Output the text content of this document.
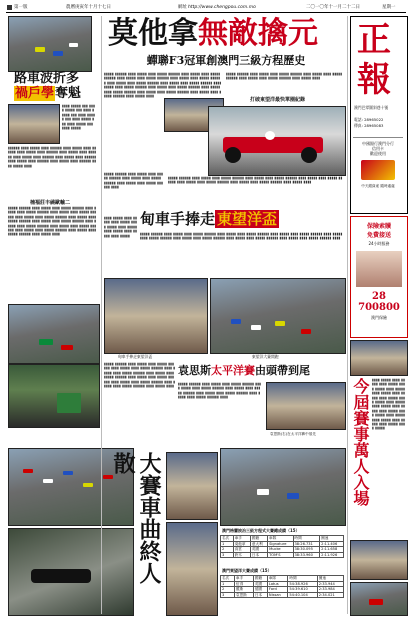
第一版	農曆庚寅年十月十七日	網址 http://www.chengpou.com.mo	二〇一〇年十一月二十二日	星期一
路車波折多
禍戶學奪魁
▮▮▮▮ ▮▮▮▮▮ ▮▮▮ ▮▮▮▮ ▮▮▮▮▮ ▮▮▮ ▮▮▮▮ ▮▮▮▮▮ ▮▮▮ ▮▮▮▮ ▮▮▮▮▮ ▮▮▮ ▮▮▮▮ ▮▮▮▮▮ ▮▮▮ ▮▮▮▮ ▮▮▮▮▮ ▮▮▮ ▮▮▮▮ ▮▮▮▮▮
▮▮▮▮▮▮ ▮▮▮▮ ▮▮▮▮▮ ▮▮▮▮ ▮▮▮▮▮▮ ▮▮▮▮ ▮▮▮▮▮ ▮▮▮▮ ▮▮▮▮▮▮ ▮▮▮▮ ▮▮▮▮▮ ▮▮▮▮ ▮▮▮▮▮▮ ▮▮▮▮ ▮▮▮▮▮ ▮▮▮▮ ▮▮▮▮▮▮ ▮▮▮▮ ▮▮▮▮▮ ▮▮▮▮ ▮▮▮▮▮▮ ▮▮▮▮ ▮▮▮▮▮ ▮▮▮▮ ▮▮▮▮▮▮ ▮▮▮▮ ▮▮▮▮▮ ▮▮▮▮ ▮▮▮▮▮▮ ▮▮▮▮ ▮▮▮▮▮ ▮▮▮▮ ▮▮▮▮▮▮ ▮▮▮▮ ▮▮▮▮▮ ▮▮▮▮
楠褔莊丰繞歐輸二
▮▮▮▮▮ ▮▮▮▮▮▮ ▮▮▮▮ ▮▮▮▮▮ ▮▮▮▮ ▮▮▮▮▮ ▮▮▮▮▮▮ ▮▮▮▮ ▮▮▮▮▮ ▮▮▮▮ ▮▮▮▮▮ ▮▮▮▮▮▮ ▮▮▮▮ ▮▮▮▮▮ ▮▮▮▮ ▮▮▮▮▮ ▮▮▮▮▮▮ ▮▮▮▮ ▮▮▮▮▮ ▮▮▮▮ ▮▮▮▮▮ ▮▮▮▮▮▮ ▮▮▮▮ ▮▮▮▮▮ ▮▮▮▮ ▮▮▮▮▮ ▮▮▮▮▮▮ ▮▮▮▮ ▮▮▮▮▮ ▮▮▮▮ ▮▮▮▮▮ ▮▮▮▮▮▮ ▮▮▮▮ ▮▮▮▮▮ ▮▮▮▮ ▮▮▮▮▮ ▮▮▮▮▮▮ ▮▮▮▮ ▮▮▮▮▮ ▮▮▮▮ ▮▮▮▮▮ ▮▮▮▮▮▮ ▮▮▮▮ ▮▮▮▮▮ ▮▮▮▮ ▮▮▮▮▮ ▮▮▮▮▮▮ ▮▮▮▮ ▮▮▮▮▮ ▮▮▮▮ ▮▮▮▮▮ ▮▮▮▮▮▮ ▮▮▮▮ ▮▮▮▮▮ ▮▮▮▮
莫他拿無敵擒元
蟬聯F3冠軍創澳門三級方程歷史
▮▮▮▮▮ ▮▮▮▮▮▮ ▮▮▮▮ ▮▮▮▮▮ ▮▮▮▮ ▮▮▮▮▮ ▮▮▮▮▮▮ ▮▮▮▮ ▮▮▮▮▮ ▮▮▮▮ ▮▮▮▮▮ ▮▮▮▮▮▮ ▮▮▮▮ ▮▮▮▮▮ ▮▮▮▮ ▮▮▮▮▮ ▮▮▮▮▮▮ ▮▮▮▮ ▮▮▮▮▮ ▮▮▮▮ ▮▮▮▮▮ ▮▮▮▮▮▮ ▮▮▮▮ ▮▮▮▮▮ ▮▮▮▮ ▮▮▮▮▮ ▮▮▮▮▮▮ ▮▮▮▮ ▮▮▮▮▮ ▮▮▮▮ ▮▮▮▮▮ ▮▮▮▮▮▮ ▮▮▮▮ ▮▮▮▮▮ ▮▮▮▮ ▮▮▮▮▮ ▮▮▮▮▮▮ ▮▮▮▮ ▮▮▮▮▮ ▮▮▮▮ ▮▮▮▮▮ ▮▮▮▮▮▮ ▮▮▮▮ ▮▮▮▮▮ ▮▮▮▮ ▮▮▮▮▮ ▮▮▮▮▮▮ ▮▮▮▮ ▮▮▮▮▮ ▮▮▮▮ ▮▮▮▮▮ ▮▮▮▮▮▮ ▮▮▮▮ ▮▮▮▮▮ ▮▮▮▮ ▮▮▮▮▮ ▮▮▮▮▮▮ ▮▮▮▮ ▮▮▮▮▮ ▮▮▮▮
▮▮▮▮▮ ▮▮▮▮▮▮ ▮▮▮▮ ▮▮▮▮▮ ▮▮▮▮ ▮▮▮▮▮ ▮▮▮▮▮▮ ▮▮▮▮ ▮▮▮▮▮ ▮▮▮▮ ▮▮▮▮▮ ▮▮▮▮▮▮ ▮▮▮▮ ▮▮▮▮▮ ▮▮▮▮ ▮▮▮▮▮ ▮▮▮▮▮▮ ▮▮▮▮ ▮▮▮▮▮ ▮▮▮▮
打破東望洋最快單圈紀錄
正
報
澳門巴掌圍斜巷十號
電話: 28965022
傳真: 28965083
中國銀行澳門分行
信用卡
歡迎使用
中天銀資產 隨時處處
▮▮▮▮▮ ▮▮▮▮▮▮ ▮▮▮▮ ▮▮▮▮▮ ▮▮▮▮ ▮▮▮▮▮ ▮▮▮▮▮▮ ▮▮▮▮ ▮▮▮▮▮ ▮▮▮▮ ▮▮▮▮▮ ▮▮▮▮▮▮ ▮▮▮▮ ▮▮▮▮▮ ▮▮▮▮ ▮▮▮▮▮ ▮▮▮▮▮▮ ▮▮▮▮
▮▮▮▮▮ ▮▮▮▮▮▮ ▮▮▮▮ ▮▮▮▮▮ ▮▮▮▮ ▮▮▮▮▮ ▮▮▮▮▮▮ ▮▮▮▮ ▮▮▮▮▮ ▮▮▮▮ ▮▮▮▮▮ ▮▮▮▮▮▮ ▮▮▮▮ ▮▮▮▮▮ ▮▮▮▮ ▮▮▮▮▮ ▮▮▮▮▮▮ ▮▮▮▮ ▮▮▮▮▮ ▮▮▮▮ ▮▮▮▮▮ ▮▮▮▮▮▮ ▮▮▮▮ ▮▮▮▮▮ ▮▮▮▮ ▮▮▮▮▮ ▮▮▮▮▮▮ ▮▮▮▮ ▮▮▮▮▮ ▮▮▮▮
甸車手捧走 東望洋盃
▮▮▮▮ ▮▮▮▮▮ ▮▮▮▮ ▮▮▮▮▮ ▮▮▮▮ ▮▮▮▮▮ ▮▮▮▮ ▮▮▮▮▮ ▮▮▮▮ ▮▮▮▮▮ ▮▮▮▮ ▮▮▮▮▮ ▮▮▮▮ ▮▮▮▮▮ ▮▮▮▮ ▮▮▮▮▮	▮▮▮▮▮ ▮▮▮▮▮▮ ▮▮▮▮ ▮▮▮▮▮ ▮▮▮▮ ▮▮▮▮▮ ▮▮▮▮▮▮ ▮▮▮▮ ▮▮▮▮▮ ▮▮▮▮ ▮▮▮▮▮ ▮▮▮▮▮▮ ▮▮▮▮ ▮▮▮▮▮ ▮▮▮▮ ▮▮▮▮▮ ▮▮▮▮▮▮ ▮▮▮▮ ▮▮▮▮▮ ▮▮▮▮ ▮▮▮▮▮ ▮▮▮▮▮▮ ▮▮▮▮ ▮▮▮▮▮ ▮▮▮▮ ▮▮▮▮▮ ▮▮▮▮▮▮ ▮▮▮▮ ▮▮▮▮▮ ▮▮▮▮ ▮▮▮▮▮ ▮▮▮▮▮▮ ▮▮▮▮ ▮▮▮▮▮ ▮▮▮▮ ▮▮▮▮▮ ▮▮▮▮▮▮ ▮▮▮▮
甸車手捧走東望洋盃	東望洋大賽開跑
▮▮▮▮▮ ▮▮▮▮▮▮ ▮▮▮▮ ▮▮▮▮▮ ▮▮▮▮ ▮▮▮▮▮ ▮▮▮▮▮▮ ▮▮▮▮ ▮▮▮▮▮ ▮▮▮▮ ▮▮▮▮▮ ▮▮▮▮▮▮ ▮▮▮▮ ▮▮▮▮▮ ▮▮▮▮ ▮▮▮▮▮ ▮▮▮▮▮▮ ▮▮▮▮ ▮▮▮▮▮ ▮▮▮▮ ▮▮▮▮▮ ▮▮▮▮▮▮ ▮▮▮▮ ▮▮▮▮▮ ▮▮▮▮ ▮▮▮▮▮ ▮▮▮▮▮▮ ▮▮▮▮ ▮▮▮▮▮ ▮▮▮▮ ▮▮▮▮▮ ▮▮▮▮▮▮ ▮▮▮▮ ▮▮▮▮▮ ▮▮▮▮ ▮▮▮▮▮ ▮▮▮▮▮▮ ▮▮▮▮ ▮▮▮▮▮ ▮▮▮▮
袁思斯太平洋賽由頭帶到尾
▮▮▮▮▮ ▮▮▮▮▮▮ ▮▮▮▮ ▮▮▮▮▮ ▮▮▮▮ ▮▮▮▮▮ ▮▮▮▮▮▮ ▮▮▮▮ ▮▮▮▮▮ ▮▮▮▮ ▮▮▮▮▮ ▮▮▮▮▮▮ ▮▮▮▮ ▮▮▮▮▮ ▮▮▮▮ ▮▮▮▮▮ ▮▮▮▮▮▮ ▮▮▮▮ ▮▮▮▮▮ ▮▮▮▮ ▮▮▮▮▮ ▮▮▮▮▮▮ ▮▮▮▮ ▮▮▮▮▮ ▮▮▮▮ ▮▮▮▮▮ ▮▮▮▮▮▮ ▮▮▮▮
袁思斯(右)在太平洋賽中領先
大賽車曲終人散
澳門格蘭披治三級方程式大賽總成績（15）
名次	車手	國籍	車隊	時間	圈速
1	莫他拿	意大利	Signature	38:26.731	2:11.406
2	高雲	英國	Mucke	38:30.095	2:11.658
3	鈴木	日本	TOM'S	38:33.960	2:11.926
澳門東望洋大賽成績（15）
名次	車手	國籍	車隊	時間	圈速
1	伍得	英國	Lotus	54:38.926	2:33.944
2	羅斯	德國	Ford	54:39.610	2:33.984
3	袁思斯	日本	Nissan	54:40.104	2:34.021
保險索贖
免費接送
24小時服務
28 700800
澳門保險
今屆賽事萬人入場 ▮▮▮▮ ▮▮▮▮▮ ▮▮▮▮ ▮▮▮▮▮ ▮▮▮▮ ▮▮▮▮▮ ▮▮▮▮ ▮▮▮▮▮ ▮▮▮▮ ▮▮▮▮▮ ▮▮▮▮ ▮▮▮▮▮ ▮▮▮▮ ▮▮▮▮▮ ▮▮▮▮ ▮▮▮▮▮ ▮▮▮▮ ▮▮▮▮▮ ▮▮▮▮ ▮▮▮▮▮ ▮▮▮▮ ▮▮▮▮▮ ▮▮▮▮ ▮▮▮▮▮ ▮▮▮▮ ▮▮▮▮▮ ▮▮▮▮ ▮▮▮▮▮ ▮▮▮▮ ▮▮▮▮▮ ▮▮▮▮ ▮▮▮▮▮ ▮▮▮▮ ▮▮▮▮▮ ▮▮▮▮ ▮▮▮▮▮ ▮▮▮▮ ▮▮▮▮▮
